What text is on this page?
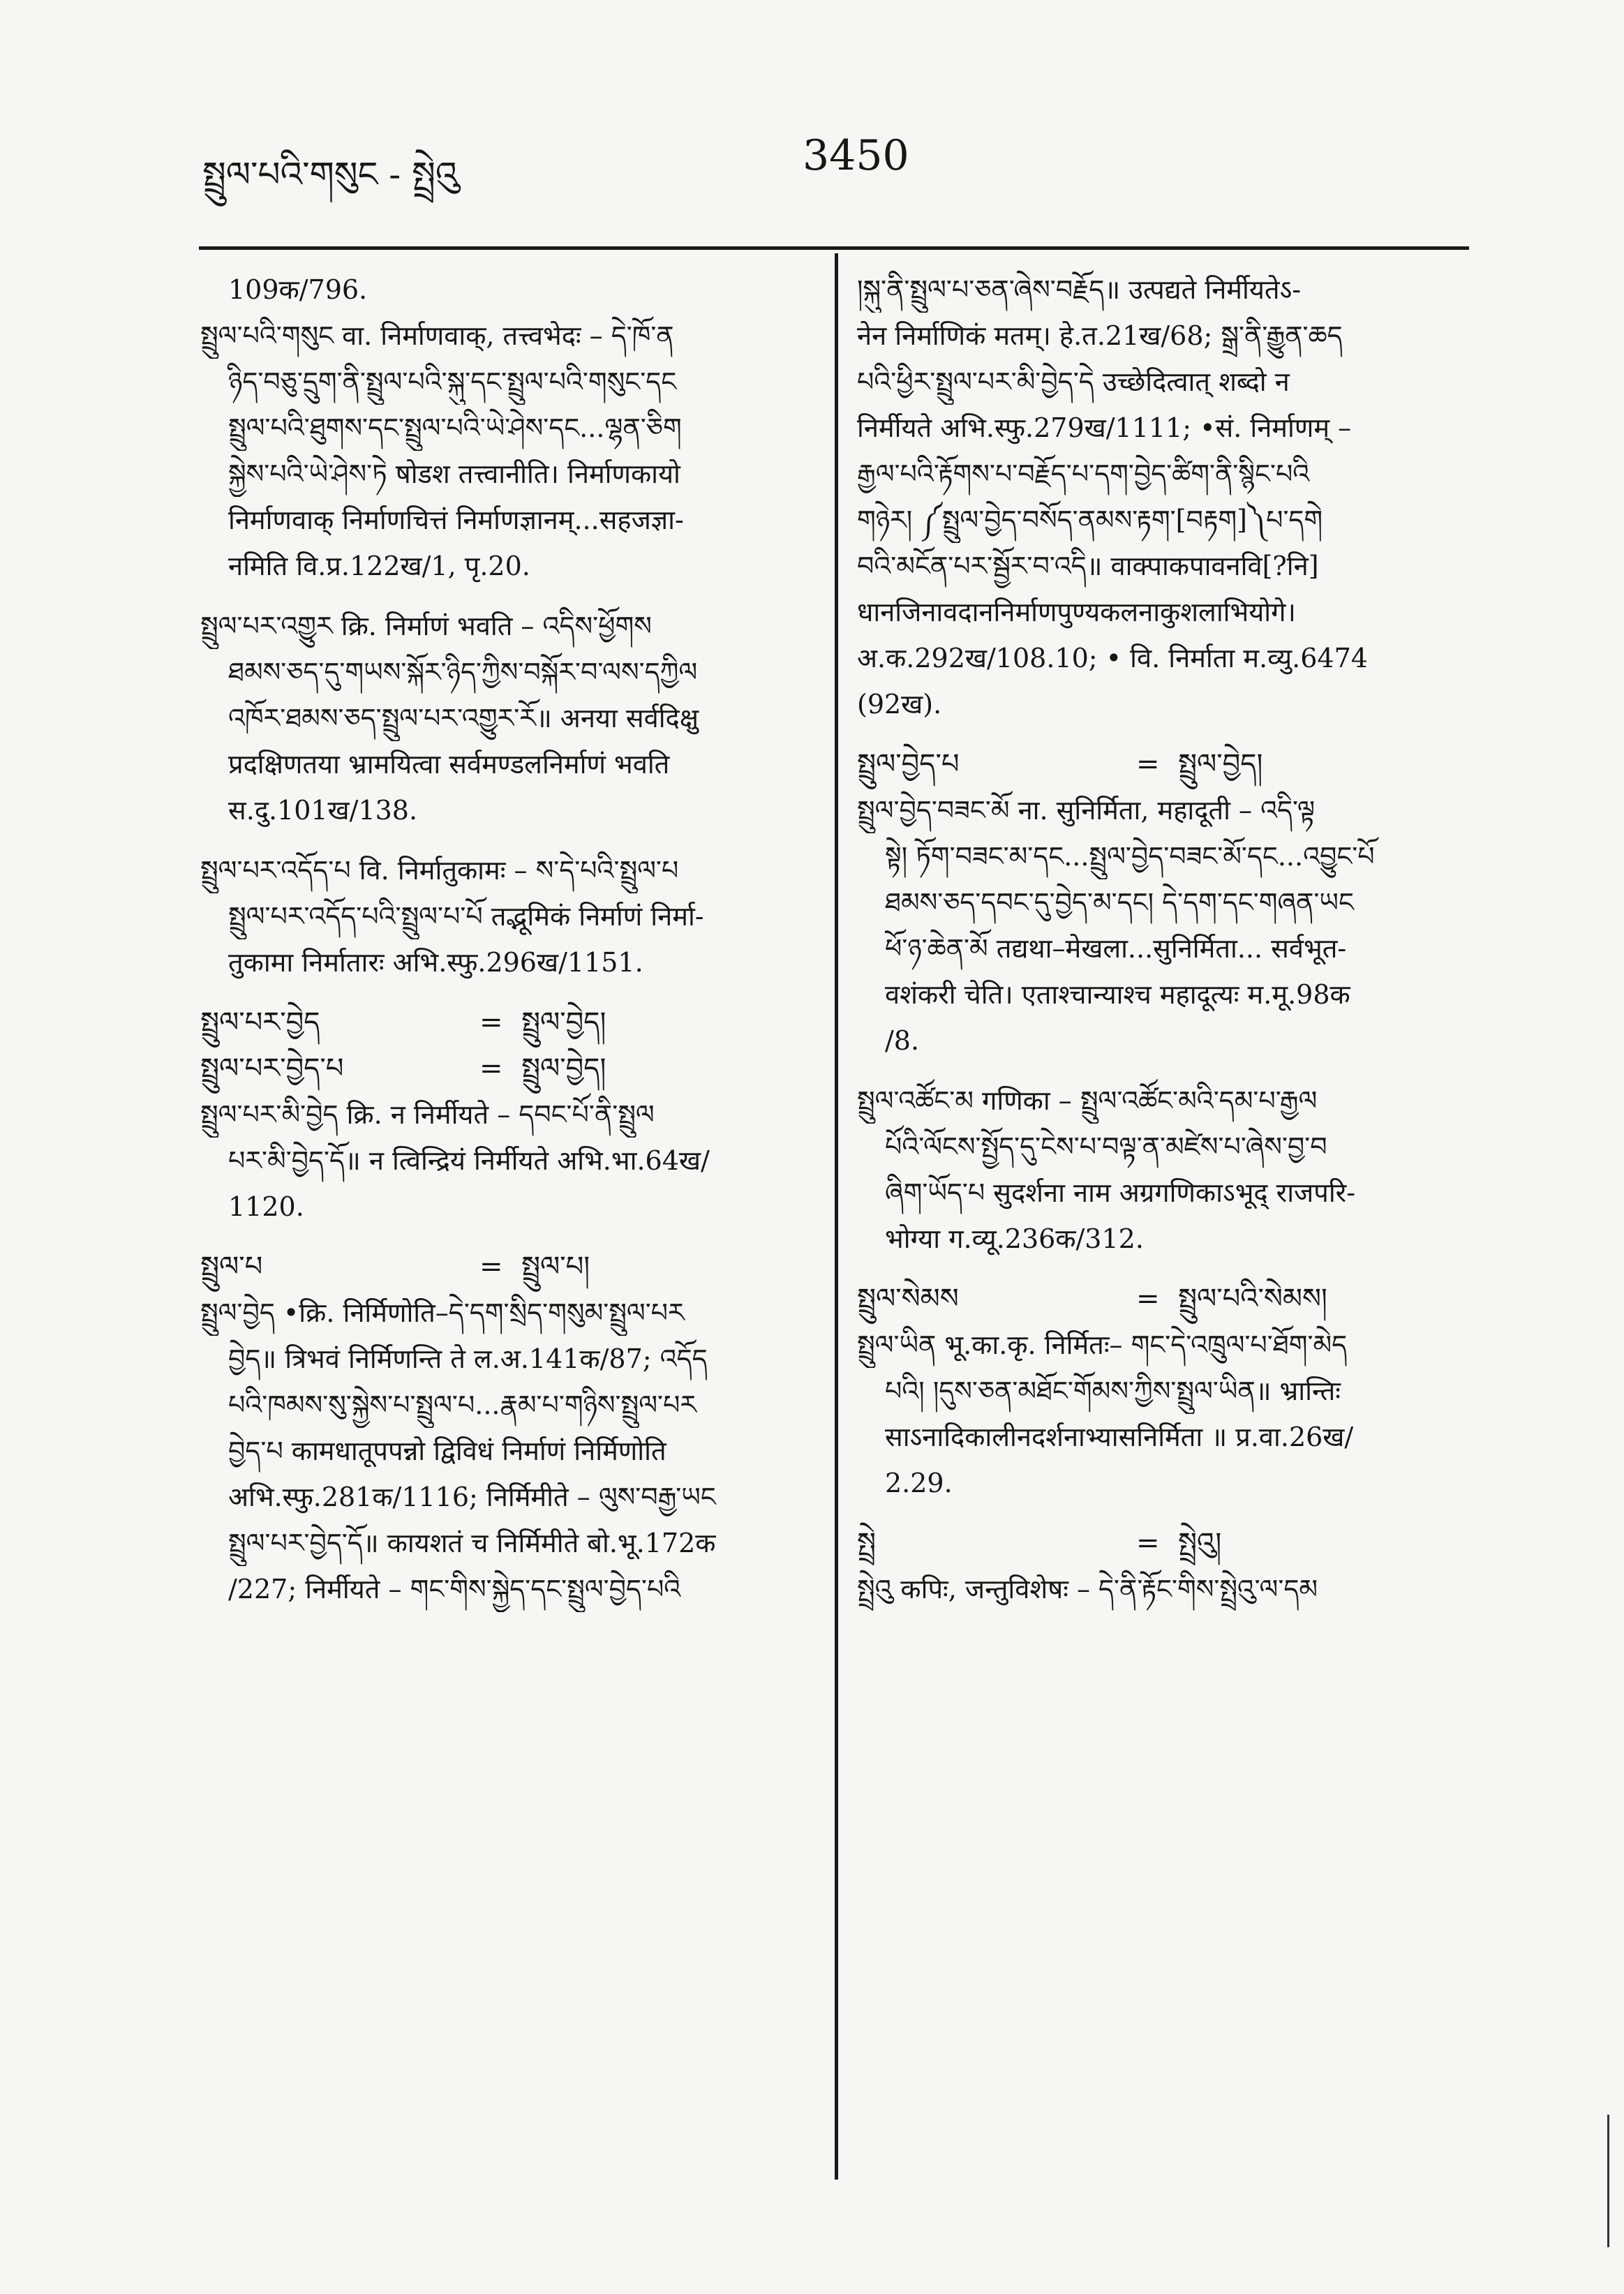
སྤྲུལ་པའི་གསུང - སྤྲེའུ	3450
109क/796.
སྤྲུལ་པའི་གསུང वा. निर्माणवाक्, तत्त्वभेदः – དེ་ཁོ་ན
ཉིད་བཅུ་དྲུག་ནི་སྤྲུལ་པའི་སྐུ་དང་སྤྲུལ་པའི་གསུང་དང
སྤྲུལ་པའི་ཐུགས་དང་སྤྲུལ་པའི་ཡེ་ཤེས་དང...ལྷན་ཅིག
སྐྱེས་པའི་ཡེ་ཤེས་ཏེ षोडश तत्त्वानीति। निर्माणकायो
निर्माणवाक् निर्माणचित्तं निर्माणज्ञानम्...सहजज्ञा-
नमिति वि.प्र.122ख/1, पृ.20.
སྤྲུལ་པར་འགྱུར क्रि. निर्माणं भवति – འདིས་ཕྱོགས
ཐམས་ཅད་དུ་གཡས་སྐོར་ཉིད་ཀྱིས་བསྐོར་བ་ལས་དཀྱིལ
འཁོར་ཐམས་ཅད་སྤྲུལ་པར་འགྱུར་རོ॥ अनया सर्वदिक्षु
प्रदक्षिणतया भ्रामयित्वा सर्वमण्डलनिर्माणं भवति
स.दु.101ख/138.
སྤྲུལ་པར་འདོད་པ वि. निर्मातुकामः – ས་དེ་པའི་སྤྲུལ་པ
སྤྲུལ་པར་འདོད་པའི་སྤྲུལ་པ་པོ तद्भूमिकं निर्माणं निर्मा-
तुकामा निर्मातारः अभि.स्फु.296ख/1151.
སྤྲུལ་པར་བྱེད	= སྤྲུལ་བྱེད།
སྤྲུལ་པར་བྱེད་པ	= སྤྲུལ་བྱེད།
སྤྲུལ་པར་མི་བྱེད क्रि. न निर्मीयते – དབང་པོ་ནི་སྤྲུལ
པར་མི་བྱེད་དོ॥ न त्विन्द्रियं निर्मीयते अभि.भा.64ख/
1120.
སྤྲུལ་པ	= སྤྲུལ་པ།
སྤྲུལ་བྱེད •क्रि. निर्मिणोति–དེ་དག་སྲིད་གསུམ་སྤྲུལ་པར
བྱེད॥ त्रिभवं निर्मिणन्ति ते ल.अ.141क/87; འདོད
པའི་ཁམས་སུ་སྐྱེས་པ་སྤྲུལ་པ...རྣམ་པ་གཉིས་སྤྲུལ་པར
བྱེད་པ कामधातूपपन्नो द्विविधं निर्माणं निर्मिणोति
अभि.स्फु.281क/1116; निर्मिमीते – ལུས་བརྒྱ་ཡང
སྤྲུལ་པར་བྱེད་དོ॥ कायशतं च निर्मिमीते बो.भू.172क
/227; निर्मीयते – གང་གིས་སྐྱེད་དང་སྤྲུལ་བྱེད་པའི
།སྐུ་ནི་སྤྲུལ་པ་ཅན་ཞེས་བརྗོད॥ उत्पद्यते निर्मीयतेऽ-
नेन निर्माणिकं मतम्। हे.त.21ख/68; སྒྲ་ནི་རྒྱུན་ཆད
པའི་ཕྱིར་སྤྲུལ་པར་མི་བྱེད་དེ उच्छेदित्वात् शब्दो न
निर्मीयते अभि.स्फु.279ख/1111; •सं. निर्माणम् –
རྒྱལ་པའི་རྟོགས་པ་བརྗོད་པ་དག་བྱེད་ཚིག་ནི་སྙིང་པའི
གཉེར། ༼སྤྲུལ་བྱེད་བསོད་ནམས་རྟག་[བརྟག]༽པ་དགེ
བའི་མངོན་པར་སྦྱོར་བ་འདི॥ वाक्पाकपावनवि[?नि]
धानजिनावदाननिर्माणपुण्यकलनाकुशलाभियोगे।
अ.क.292ख/108.10; • वि. निर्माता म.व्यु.6474
(92ख).
སྤྲུལ་བྱེད་པ	= སྤྲུལ་བྱེད།
སྤྲུལ་བྱེད་བཟང་མོ ना. सुनिर्मिता, महादूती – འདི་ལྟ
སྟེ། ཏོག་བཟང་མ་དང...སྤྲུལ་བྱེད་བཟང་མོ་དང...འབྱུང་པོ
ཐམས་ཅད་དབང་དུ་བྱེད་མ་དང། དེ་དག་དང་གཞན་ཡང
ཕོ་ཉ་ཆེན་མོ तद्यथा–मेखला...सुनिर्मिता... सर्वभूत-
वशंकरी चेति। एताश्चान्याश्च महादूत्यः म.मू.98क
/8.
སྤྲུལ་འཚོང་མ गणिका – སྤྲུལ་འཚོང་མའི་དམ་པ་རྒྱལ
པོའི་ལོངས་སྤྱོད་དུ་ངེས་པ་བལྟ་ན་མཛེས་པ་ཞེས་བྱ་བ
ཞིག་ཡོད་པ सुदर्शना नाम अग्रगणिकाऽभूद् राजपरि-
भोग्या ग.व्यू.236क/312.
སྤྲུལ་སེམས	= སྤྲུལ་པའི་སེམས།
སྤྲུལ་ཡིན भू.का.कृ. निर्मितः– གང་དེ་འཁྲུལ་པ་ཐོག་མེད
པའི། །དུས་ཅན་མཐོང་གོམས་ཀྱིས་སྤྲུལ་ཡིན॥ भ्रान्तिः
साऽनादिकालीनदर्शनाभ्यासनिर्मिता ॥ प्र.वा.26ख/
2.29.
སྤྲེ	= སྤྲེའུ།
སྤྲེའུ कपिः, जन्तुविशेषः – དེ་ནི་རྟོང་གིས་སྤྲེའུ་ལ་དམ
